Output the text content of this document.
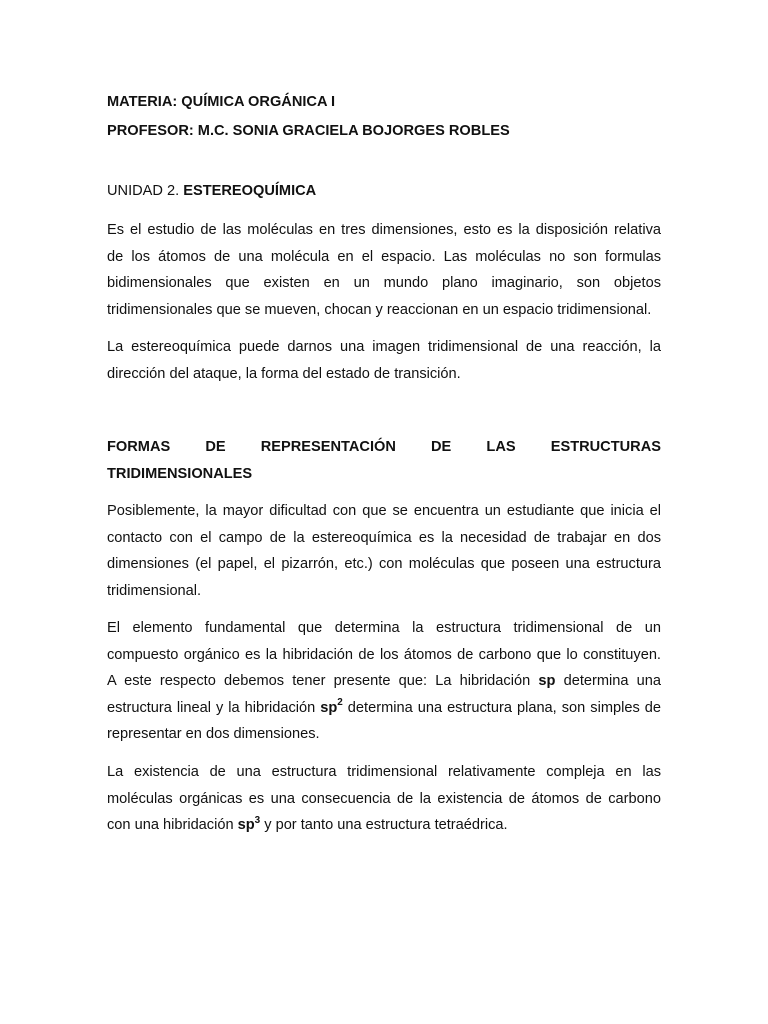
MATERIA: QUÍMICA ORGÁNICA I

PROFESOR: M.C. SONIA GRACIELA BOJORGES ROBLES

UNIDAD 2. ESTEREOQUÍMICA

Es el estudio de las moléculas en tres dimensiones, esto es la disposición relativa
de los átomos de una molécula en el espacio. Las moléculas no son formulas
bidimensionales que existen en un mundo plano imaginario, son objetos
tridimensionales que se mueven, chocan y reaccionan en un espacio tridimensional.
La estereoquímica puede darnos una imagen tridimensional de una reacción, la
dirección del ataque, la forma del estado de transición.
FORMAS DE REPRESENTACIÓN DE LAS ESTRUCTURAS
TRIDIMENSIONALES
Posiblemente, la mayor dificultad con que se encuentra un estudiante que inicia el
contacto con el campo de la estereoquímica es la necesidad de trabajar en dos
dimensiones (el papel, el pizarrón, etc.) con moléculas que poseen una estructura
tridimensional.
El elemento fundamental que determina la estructura tridimensional de un
compuesto orgánico es la hibridación de los átomos de carbono que lo constituyen.
A este respecto debemos tener presente que: La hibridación sp determina una
estructura lineal y la hibridación $sp^2$ determina una estructura plana, son simples de
representar en dos dimensiones.
La existencia de una estructura tridimensional relativamente compleja en las
moléculas orgánicas es una consecuencia de la existencia de átomos de carbono
con una hibridación $sp^3$ y por tanto una estructura tetraédrica.
